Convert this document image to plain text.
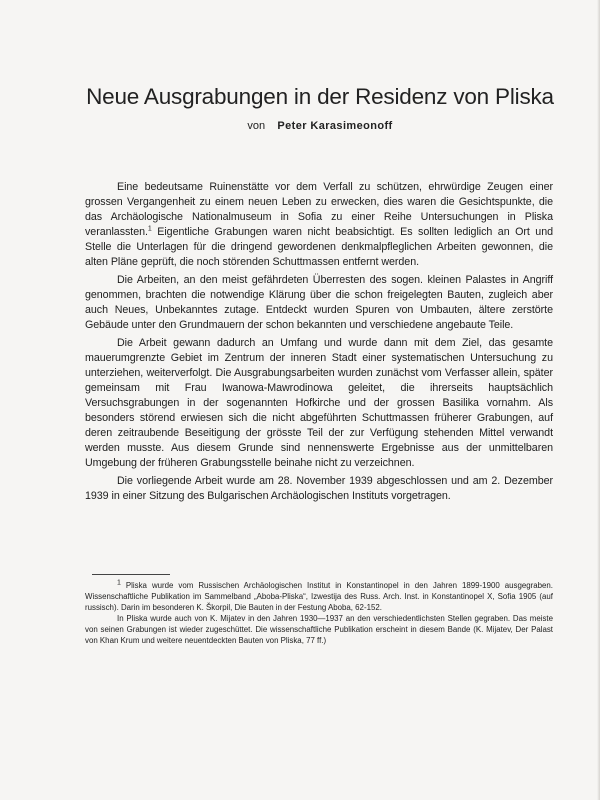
Neue Ausgrabungen in der Residenz von Pliska
von Peter Karasimeonoff

Eine bedeutsame Ruinenstätte vor dem Verfall zu schützen, ehrwürdige Zeugen einer grossen Vergangenheit zu einem neuen Leben zu erwecken, dies waren die Gesichtspunkte, die das Archäologische Nationalmuseum in Sofia zu einer Reihe Untersuchungen in Pliska veranlassten.$^1$ Eigentliche Grabungen waren nicht beabsichtigt. Es sollten lediglich an Ort und Stelle die Unterlagen für die dringend gewordenen denkmalpfleglichen Arbeiten gewonnen, die alten Pläne geprüft, die noch störenden Schuttmassen entfernt werden.

Die Arbeiten, an den meist gefährdeten Überresten des sogen. kleinen Palastes in Angriff genommen, brachten die notwendige Klärung über die schon freigelegten Bauten, zugleich aber auch Neues, Unbekanntes zutage. Entdeckt wurden Spuren von Umbauten, ältere zerstörte Gebäude unter den Grundmauern der schon bekannten und verschiedene angebaute Teile.

Die Arbeit gewann dadurch an Umfang und wurde dann mit dem Ziel, das gesamte mauerumgrenzte Gebiet im Zentrum der inneren Stadt einer systematischen Untersuchung zu unterziehen, weiterverfolgt. Die Ausgrabungsarbeiten wurden zunächst vom Verfasser allein, später gemeinsam mit Frau Iwanowa-Mawrodinowa geleitet, die ihrerseits hauptsächlich Versuchsgrabungen in der sogenannten Hofkirche und der grossen Basilika vornahm. Als besonders störend erwiesen sich die nicht abgeführten Schuttmassen früherer Grabungen, auf deren zeitraubende Beseitigung der grösste Teil der zur Verfügung stehenden Mittel verwandt werden musste. Aus diesem Grunde sind nennenswerte Ergebnisse aus der unmittelbaren Umgebung der früheren Grabungsstelle beinahe nicht zu verzeichnen.

Die vorliegende Arbeit wurde am 28. November 1939 abgeschlossen und am 2. Dezember 1939 in einer Sitzung des Bulgarischen Archäologischen Instituts vorgetragen.

$^1$ Pliska wurde vom Russischen Archäologischen Institut in Konstantinopel in den Jahren 1899-1900 ausgegraben. Wissenschaftliche Publikation im Sammelband „Aboba-Pliska“, Izwestija des Russ. Arch. Inst. in Konstantinopel X, Sofia 1905 (auf russisch). Darin im besonderen K. Škorpil, Die Bauten in der Festung Aboba, 62-152.

In Pliska wurde auch von K. Mijatev in den Jahren 1930—1937 an den verschiedentlichsten Stellen gegraben. Das meiste von seinen Grabungen ist wieder zugeschüttet. Die wissenschaftliche Publikation erscheint in diesem Bande (K. Mijatev, Der Palast von Khan Krum und weitere neuentdeckten Bauten von Pliska, 77 ff.)
